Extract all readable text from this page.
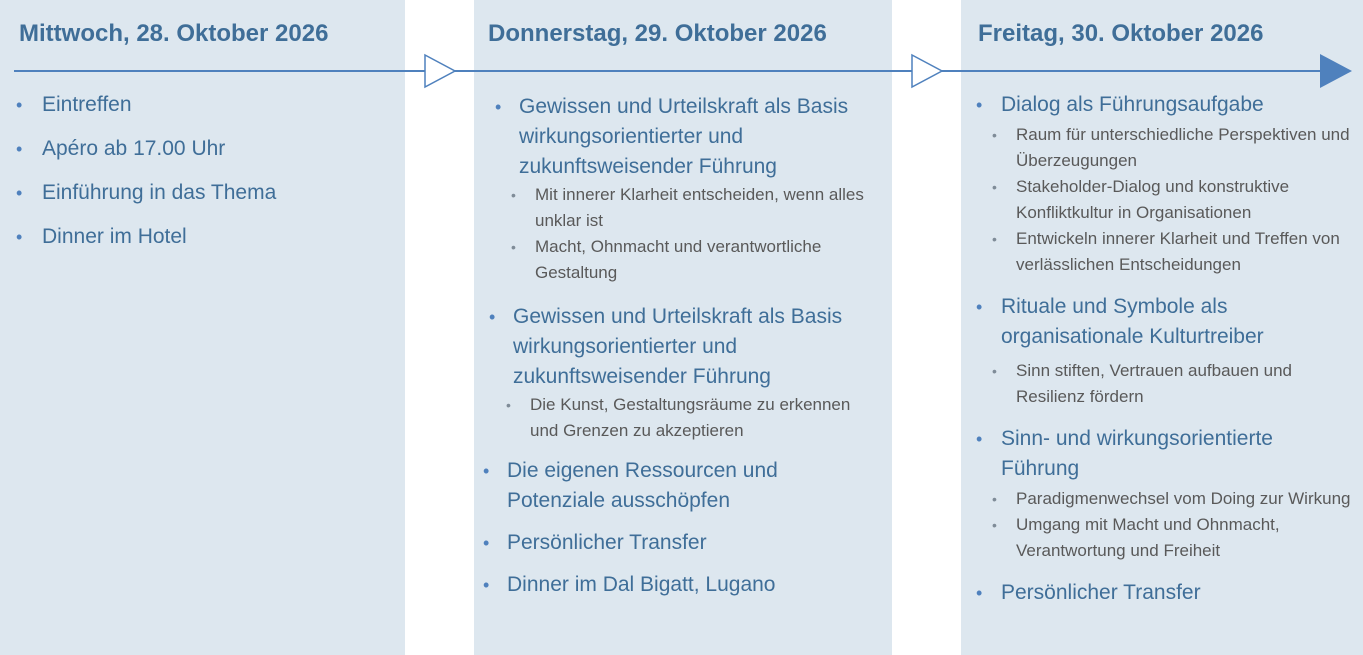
Mittwoch, 28. Oktober 2026
• Eintreffen
• Apéro ab 17.00 Uhr
• Einführung in das Thema
• Dinner im Hotel
Donnerstag, 29. Oktober 2026
• Gewissen und Urteilskraft als Basis wirkungsorientierter und zukunftsweisender Führung
• Mit innerer Klarheit entscheiden, wenn alles unklar ist
• Macht, Ohnmacht und verantwortliche Gestaltung
• Gewissen und Urteilskraft als Basis wirkungsorientierter und zukunftsweisender Führung
• Die Kunst, Gestaltungsräume zu erkennen und Grenzen zu akzeptieren
• Die eigenen Ressourcen und Potenziale ausschöpfen
• Persönlicher Transfer
• Dinner im Dal Bigatt, Lugano
Freitag, 30. Oktober 2026
• Dialog als Führungsaufgabe
• Raum für unterschiedliche Perspektiven und Überzeugungen
• Stakeholder-Dialog und konstruktive Konfliktkultur in Organisationen
• Entwickeln innerer Klarheit und Treffen von verlässlichen Entscheidungen
• Rituale und Symbole als organisationale Kulturtreiber
• Sinn stiften, Vertrauen aufbauen und Resilienz fördern
• Sinn- und wirkungsorientierte Führung
• Paradigmenwechsel vom Doing zur Wirkung
• Umgang mit Macht und Ohnmacht, Verantwortung und Freiheit
• Persönlicher Transfer
